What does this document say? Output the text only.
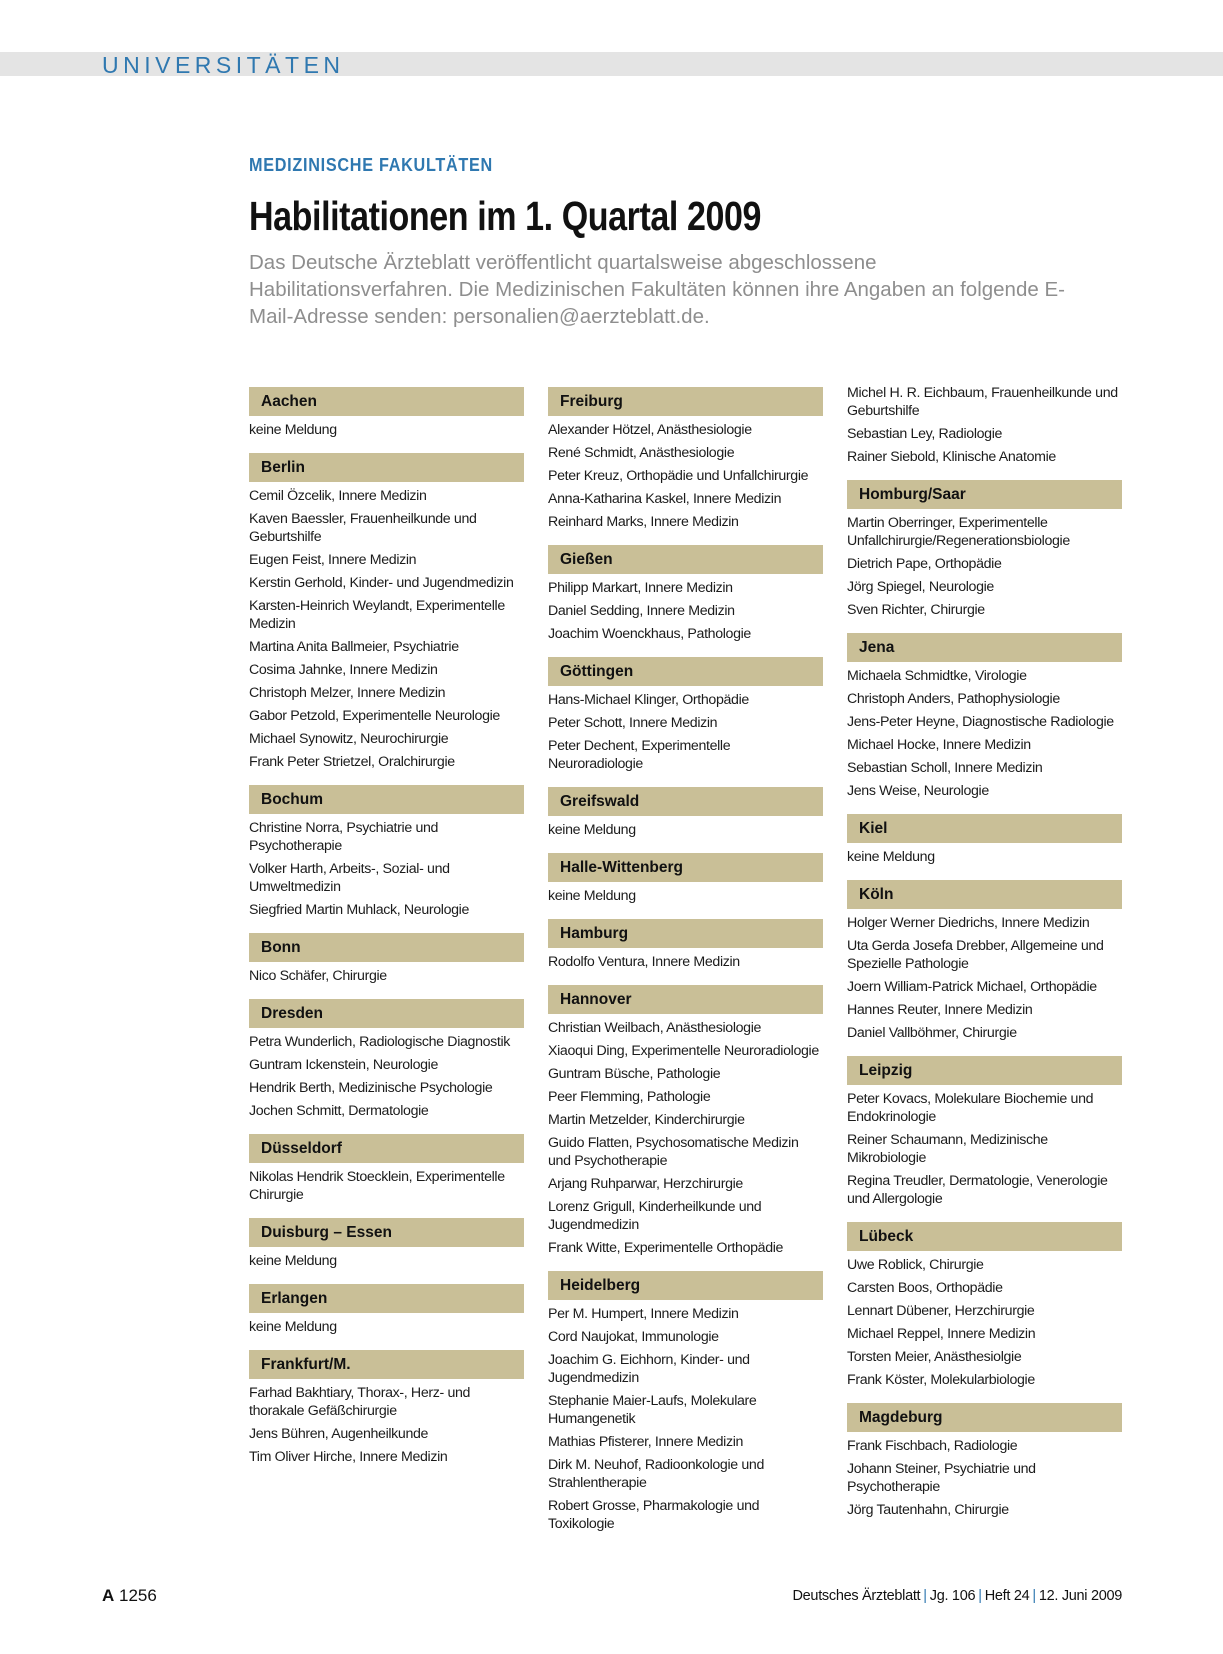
UNIVERSITÄTEN
MEDIZINISCHE FAKULTÄTEN
Habilitationen im 1. Quartal 2009
Das Deutsche Ärzteblatt veröffentlicht quartalsweise abgeschlossene Habilitationsverfahren. Die Medizinischen Fakultäten können ihre Angaben an folgende E-Mail-Adresse senden: personalien@aerzteblatt.de.
Aachen
keine Meldung
Berlin
Cemil Özcelik, Innere Medizin
Kaven Baessler, Frauenheilkunde und Geburtshilfe
Eugen Feist, Innere Medizin
Kerstin Gerhold, Kinder- und Jugendmedizin
Karsten-Heinrich Weylandt, Experimentelle Medizin
Martina Anita Ballmeier, Psychiatrie
Cosima Jahnke, Innere Medizin
Christoph Melzer, Innere Medizin
Gabor Petzold, Experimentelle Neurologie
Michael Synowitz, Neurochirurgie
Frank Peter Strietzel, Oralchirurgie
Bochum
Christine Norra, Psychiatrie und Psychotherapie
Volker Harth, Arbeits-, Sozial- und Umweltmedizin
Siegfried Martin Muhlack, Neurologie
Bonn
Nico Schäfer, Chirurgie
Dresden
Petra Wunderlich, Radiologische Diagnostik
Guntram Ickenstein, Neurologie
Hendrik Berth, Medizinische Psychologie
Jochen Schmitt, Dermatologie
Düsseldorf
Nikolas Hendrik Stoecklein, Experimentelle Chirurgie
Duisburg – Essen
keine Meldung
Erlangen
keine Meldung
Frankfurt/M.
Farhad Bakhtiary, Thorax-, Herz- und thorakale Gefäßchirurgie
Jens Bühren, Augenheilkunde
Tim Oliver Hirche, Innere Medizin
Freiburg
Alexander Hötzel, Anästhesiologie
René Schmidt, Anästhesiologie
Peter Kreuz, Orthopädie und Unfallchirurgie
Anna-Katharina Kaskel, Innere Medizin
Reinhard Marks, Innere Medizin
Gießen
Philipp Markart, Innere Medizin
Daniel Sedding, Innere Medizin
Joachim Woenckhaus, Pathologie
Göttingen
Hans-Michael Klinger, Orthopädie
Peter Schott, Innere Medizin
Peter Dechent, Experimentelle Neuroradiologie
Greifswald
keine Meldung
Halle-Wittenberg
keine Meldung
Hamburg
Rodolfo Ventura, Innere Medizin
Hannover
Christian Weilbach, Anästhesiologie
Xiaoqui Ding, Experimentelle Neuroradiologie
Guntram Büsche, Pathologie
Peer Flemming, Pathologie
Martin Metzelder, Kinderchirurgie
Guido Flatten, Psychosomatische Medizin und Psychotherapie
Arjang Ruhparwar, Herzchirurgie
Lorenz Grigull, Kinderheilkunde und Jugendmedizin
Frank Witte, Experimentelle Orthopädie
Heidelberg
Per M. Humpert, Innere Medizin
Cord Naujokat, Immunologie
Joachim G. Eichhorn, Kinder- und Jugendmedizin
Stephanie Maier-Laufs, Molekulare Humangenetik
Mathias Pfisterer, Innere Medizin
Dirk M. Neuhof, Radioonkologie und Strahlentherapie
Robert Grosse, Pharmakologie und Toxikologie
Michel H. R. Eichbaum, Frauenheilkunde und Geburtshilfe
Sebastian Ley, Radiologie
Rainer Siebold, Klinische Anatomie
Homburg/Saar
Martin Oberringer, Experimentelle Unfallchirurgie/Regenerationsbiologie
Dietrich Pape, Orthopädie
Jörg Spiegel, Neurologie
Sven Richter, Chirurgie
Jena
Michaela Schmidtke, Virologie
Christoph Anders, Pathophysiologie
Jens-Peter Heyne, Diagnostische Radiologie
Michael Hocke, Innere Medizin
Sebastian Scholl, Innere Medizin
Jens Weise, Neurologie
Kiel
keine Meldung
Köln
Holger Werner Diedrichs, Innere Medizin
Uta Gerda Josefa Drebber, Allgemeine und Spezielle Pathologie
Joern William-Patrick Michael, Orthopädie
Hannes Reuter, Innere Medizin
Daniel Vallböhmer, Chirurgie
Leipzig
Peter Kovacs, Molekulare Biochemie und Endokrinologie
Reiner Schaumann, Medizinische Mikrobiologie
Regina Treudler, Dermatologie, Venerologie und Allergologie
Lübeck
Uwe Roblick, Chirurgie
Carsten Boos, Orthopädie
Lennart Dübener, Herzchirurgie
Michael Reppel, Innere Medizin
Torsten Meier, Anästhesiolgie
Frank Köster, Molekularbiologie
Magdeburg
Frank Fischbach, Radiologie
Johann Steiner, Psychiatrie und Psychotherapie
Jörg Tautenhahn, Chirurgie
A 1256	Deutsches Ärzteblatt | Jg. 106 | Heft 24 | 12. Juni 2009
